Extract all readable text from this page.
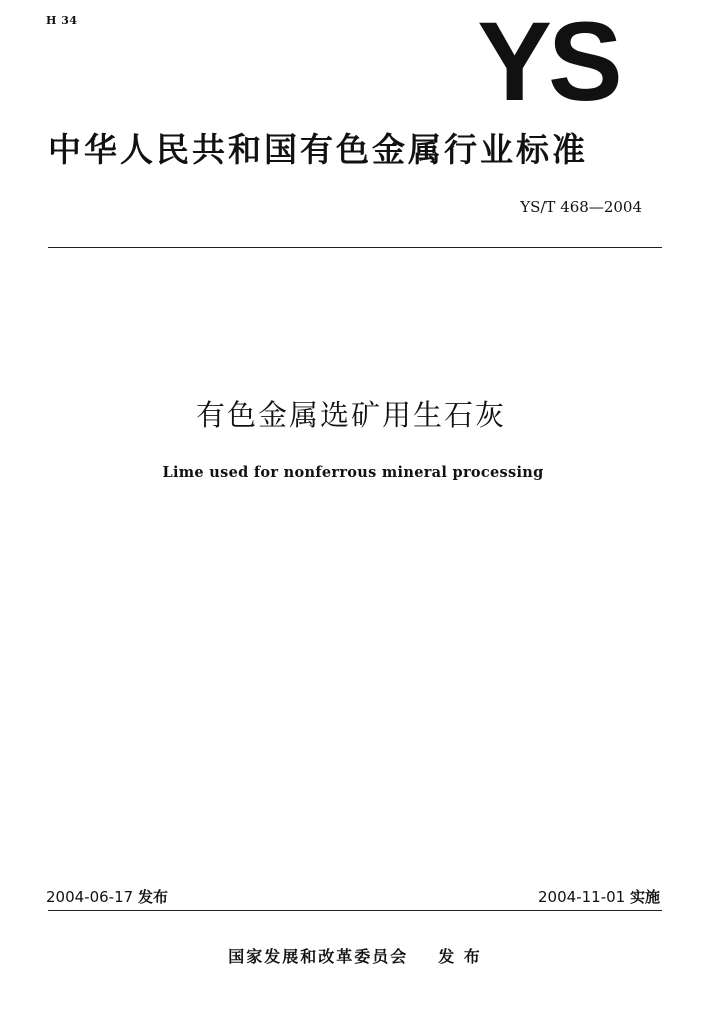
H 34	YS
中华人民共和国有色金属行业标准
YS/T 468—2004
有色金属选矿用生石灰
Lime used for nonferrous mineral processing
2004-06-17 发布	2004-11-01 实施
国家发展和改革委员会 发 布
